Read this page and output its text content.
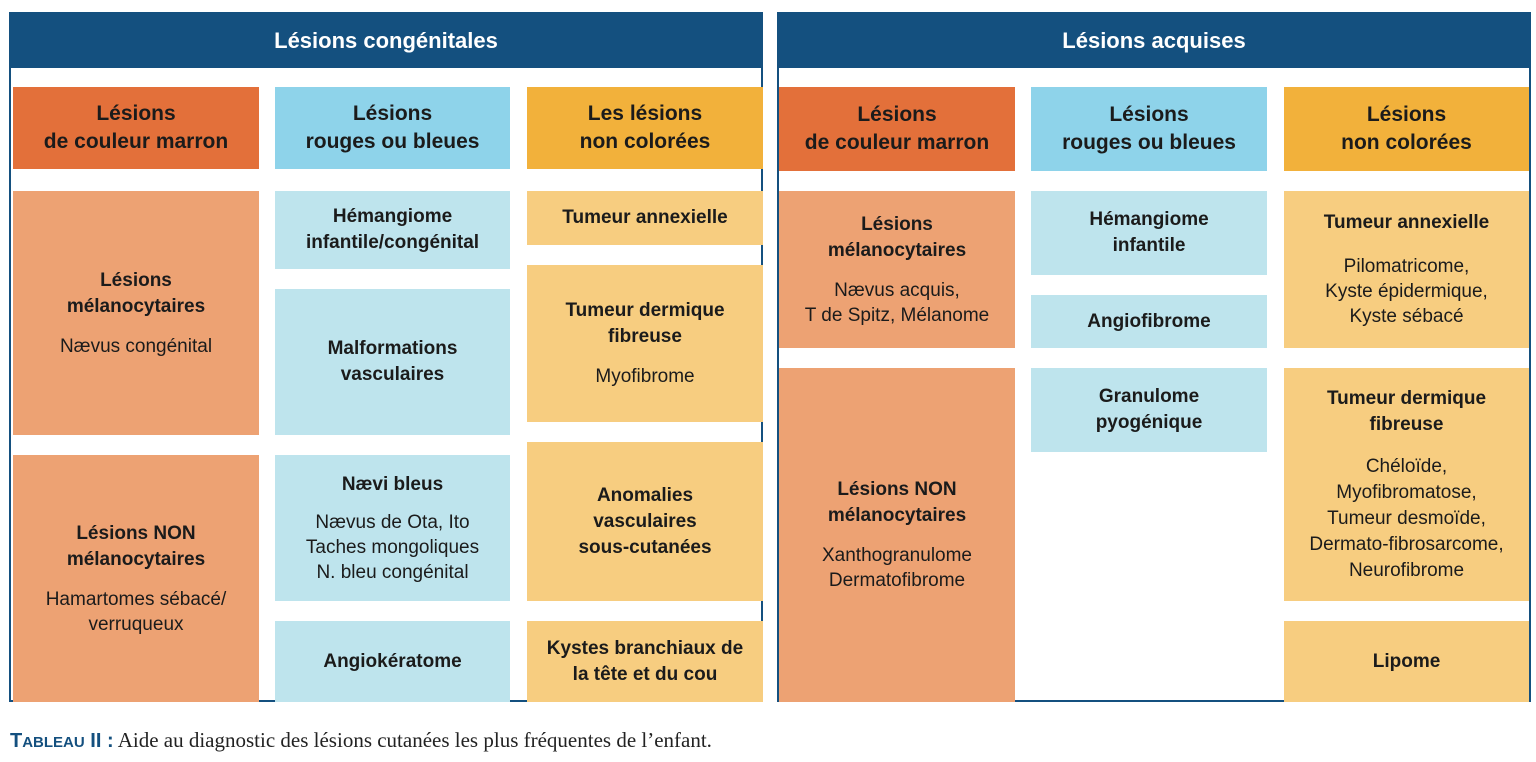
Lésions congénitales
Lésions
de couleur marron
Lésions
rouges ou bleues
Les lésions
non colorées
Lésions
mélanocytaires
Nævus congénital
Lésions NON
mélanocytaires
Hamartomes sébacé/
verruqueux
Hémangiome
infantile/congénital
Malformations
vasculaires
Nævi bleus
Nævus de Ota, Ito
Taches mongoliques
N. bleu congénital
Angiokératome
Tumeur annexielle
Tumeur dermique
fibreuse
Myofibrome
Anomalies
vasculaires
sous-cutanées
Kystes branchiaux de
la tête et du cou
Lésions acquises
Lésions
de couleur marron
Lésions
rouges ou bleues
Lésions
non colorées
Lésions
mélanocytaires
Nævus acquis,
T de Spitz, Mélanome
Lésions NON
mélanocytaires
Xanthogranulome
Dermatofibrome
Hémangiome
infantile
Angiofibrome
Granulome
pyogénique
Tumeur annexielle
Pilomatricome,
Kyste épidermique,
Kyste sébacé
Tumeur dermique
fibreuse
Chéloïde,
Myofibromatose,
Tumeur desmoïde,
Dermato-fibrosarcome,
Neurofibrome
Lipome
TABLEAU II : Aide au diagnostic des lésions cutanées les plus fréquentes de l’enfant.
